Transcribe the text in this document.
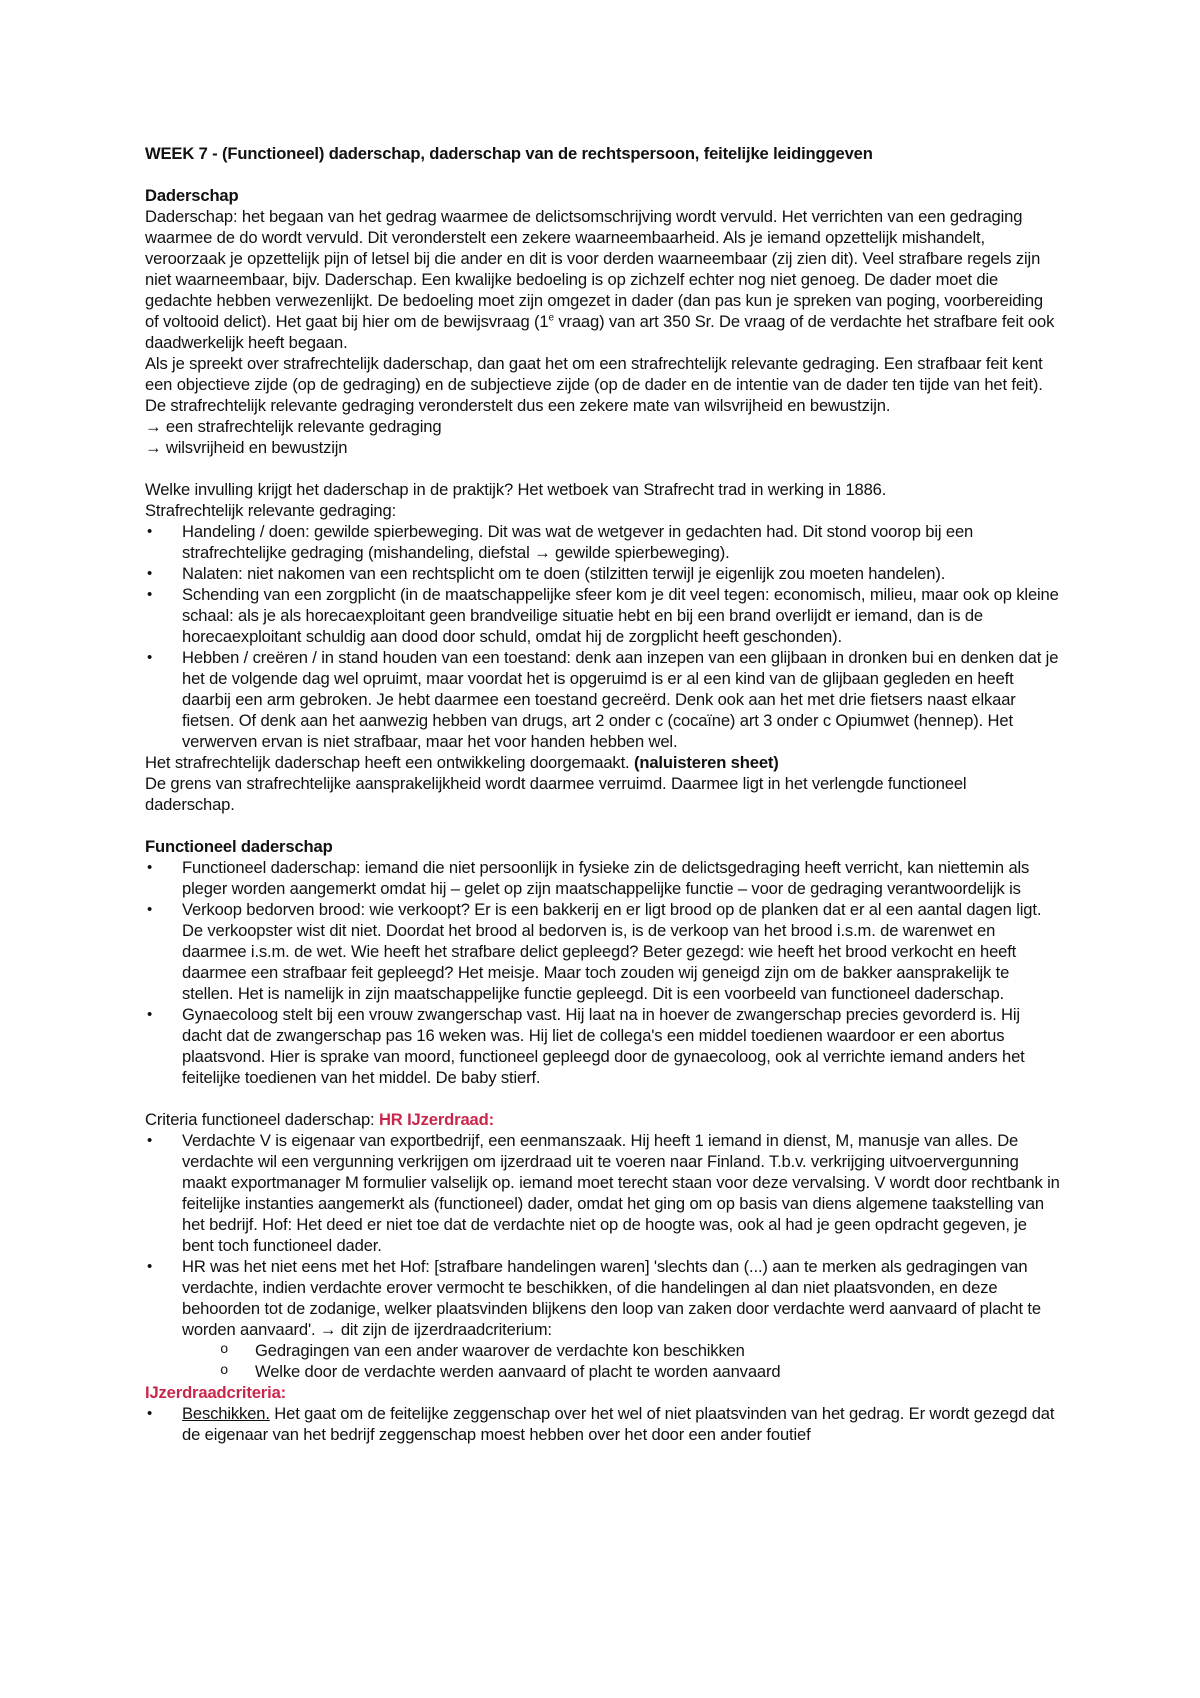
WEEK 7 - (Functioneel) daderschap, daderschap van de rechtspersoon, feitelijke leidinggeven

Daderschap

Daderschap: het begaan van het gedrag waarmee de delictsomschrijving wordt vervuld. Het verrichten van een gedraging waarmee de do wordt vervuld. Dit veronderstelt een zekere waarneembaarheid. Als je iemand opzettelijk mishandelt, veroorzaak je opzettelijk pijn of letsel bij die ander en dit is voor derden waarneembaar (zij zien dit). Veel strafbare regels zijn niet waarneembaar, bijv. Daderschap. Een kwalijke bedoeling is op zichzelf echter nog niet genoeg. De dader moet die gedachte hebben verwezenlijkt. De bedoeling moet zijn omgezet in dader (dan pas kun je spreken van poging, voorbereiding of voltooid delict). Het gaat bij hier om de bewijsvraag (1e vraag) van art 350 Sr. De vraag of de verdachte het strafbare feit ook daadwerkelijk heeft begaan.

Als je spreekt over strafrechtelijk daderschap, dan gaat het om een strafrechtelijk relevante gedraging. Een strafbaar feit kent een objectieve zijde (op de gedraging) en de subjectieve zijde (op de dader en de intentie van de dader ten tijde van het feit). De strafrechtelijk relevante gedraging veronderstelt dus een zekere mate van wilsvrijheid en bewustzijn.

→ een strafrechtelijk relevante gedraging

→ wilsvrijheid en bewustzijn

Welke invulling krijgt het daderschap in de praktijk? Het wetboek van Strafrecht trad in werking in 1886.

Strafrechtelijk relevante gedraging:

• Handeling / doen: gewilde spierbeweging. Dit was wat de wetgever in gedachten had. Dit stond voorop bij een strafrechtelijke gedraging (mishandeling, diefstal → gewilde spierbeweging).
• Nalaten: niet nakomen van een rechtsplicht om te doen (stilzitten terwijl je eigenlijk zou moeten handelen).
• Schending van een zorgplicht (in de maatschappelijke sfeer kom je dit veel tegen: economisch, milieu, maar ook op kleine schaal: als je als horecaexploitant geen brandveilige situatie hebt en bij een brand overlijdt er iemand, dan is de horecaexploitant schuldig aan dood door schuld, omdat hij de zorgplicht heeft geschonden).
• Hebben / creëren / in stand houden van een toestand: denk aan inzepen van een glijbaan in dronken bui en denken dat je het de volgende dag wel opruimt, maar voordat het is opgeruimd is er al een kind van de glijbaan gegleden en heeft daarbij een arm gebroken. Je hebt daarmee een toestand gecreërd. Denk ook aan het met drie fietsers naast elkaar fietsen. Of denk aan het aanwezig hebben van drugs, art 2 onder c (cocaïne) art 3 onder c Opiumwet (hennep). Het verwerven ervan is niet strafbaar, maar het voor handen hebben wel.

Het strafrechtelijk daderschap heeft een ontwikkeling doorgemaakt. (naluisteren sheet)

De grens van strafrechtelijke aansprakelijkheid wordt daarmee verruimd. Daarmee ligt in het verlengde functioneel daderschap.

Functioneel daderschap

• Functioneel daderschap: iemand die niet persoonlijk in fysieke zin de delictsgedraging heeft verricht, kan niettemin als pleger worden aangemerkt omdat hij – gelet op zijn maatschappelijke functie – voor de gedraging verantwoordelijk is
• Verkoop bedorven brood: wie verkoopt? Er is een bakkerij en er ligt brood op de planken dat er al een aantal dagen ligt. De verkoopster wist dit niet. Doordat het brood al bedorven is, is de verkoop van het brood i.s.m. de warenwet en daarmee i.s.m. de wet. Wie heeft het strafbare delict gepleegd? Beter gezegd: wie heeft het brood verkocht en heeft daarmee een strafbaar feit gepleegd? Het meisje. Maar toch zouden wij geneigd zijn om de bakker aansprakelijk te stellen. Het is namelijk in zijn maatschappelijke functie gepleegd. Dit is een voorbeeld van functioneel daderschap.
• Gynaecoloog stelt bij een vrouw zwangerschap vast. Hij laat na in hoever de zwangerschap precies gevorderd is. Hij dacht dat de zwangerschap pas 16 weken was. Hij liet de collega's een middel toedienen waardoor er een abortus plaatsvond. Hier is sprake van moord, functioneel gepleegd door de gynaecoloog, ook al verrichte iemand anders het feitelijke toedienen van het middel. De baby stierf.

Criteria functioneel daderschap: HR IJzerdraad:

• Verdachte V is eigenaar van exportbedrijf, een eenmanszaak. Hij heeft 1 iemand in dienst, M, manusje van alles. De verdachte wil een vergunning verkrijgen om ijzerdraad uit te voeren naar Finland. T.b.v. verkrijging uitvoervergunning maakt exportmanager M formulier valselijk op. iemand moet terecht staan voor deze vervalsing. V wordt door rechtbank in feitelijke instanties aangemerkt als (functioneel) dader, omdat het ging om op basis van diens algemene taakstelling van het bedrijf. Hof: Het deed er niet toe dat de verdachte niet op de hoogte was, ook al had je geen opdracht gegeven, je bent toch functioneel dader.
• HR was het niet eens met het Hof: [strafbare handelingen waren] 'slechts dan (...) aan te merken als gedragingen van verdachte, indien verdachte erover vermocht te beschikken, of die handelingen al dan niet plaatsvonden, en deze behoorden tot de zodanige, welker plaatsvinden blijkens den loop van zaken door verdachte werd aanvaard of placht te worden aanvaard'. → dit zijn de ijzerdraadcriterium:
o Gedragingen van een ander waarover de verdachte kon beschikken
o Welke door de verdachte werden aanvaard of placht te worden aanvaard

IJzerdraadcriteria:

• Beschikken. Het gaat om de feitelijke zeggenschap over het wel of niet plaatsvinden van het gedrag. Er wordt gezegd dat de eigenaar van het bedrijf zeggenschap moest hebben over het door een ander foutief
